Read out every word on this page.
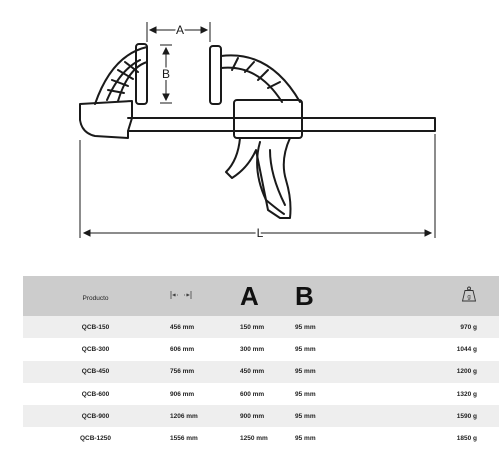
A
B
L
Producto		A	B		g

QCB-150	456 mm	150 mm	95 mm		970 g
QCB-300	606 mm	300 mm	95 mm		1044 g
QCB-450	756 mm	450 mm	95 mm		1200 g
QCB-600	906 mm	600 mm	95 mm		1320 g
QCB-900	1206 mm	900 mm	95 mm		1590 g
QCB-1250	1556 mm	1250 mm	95 mm		1850 g
